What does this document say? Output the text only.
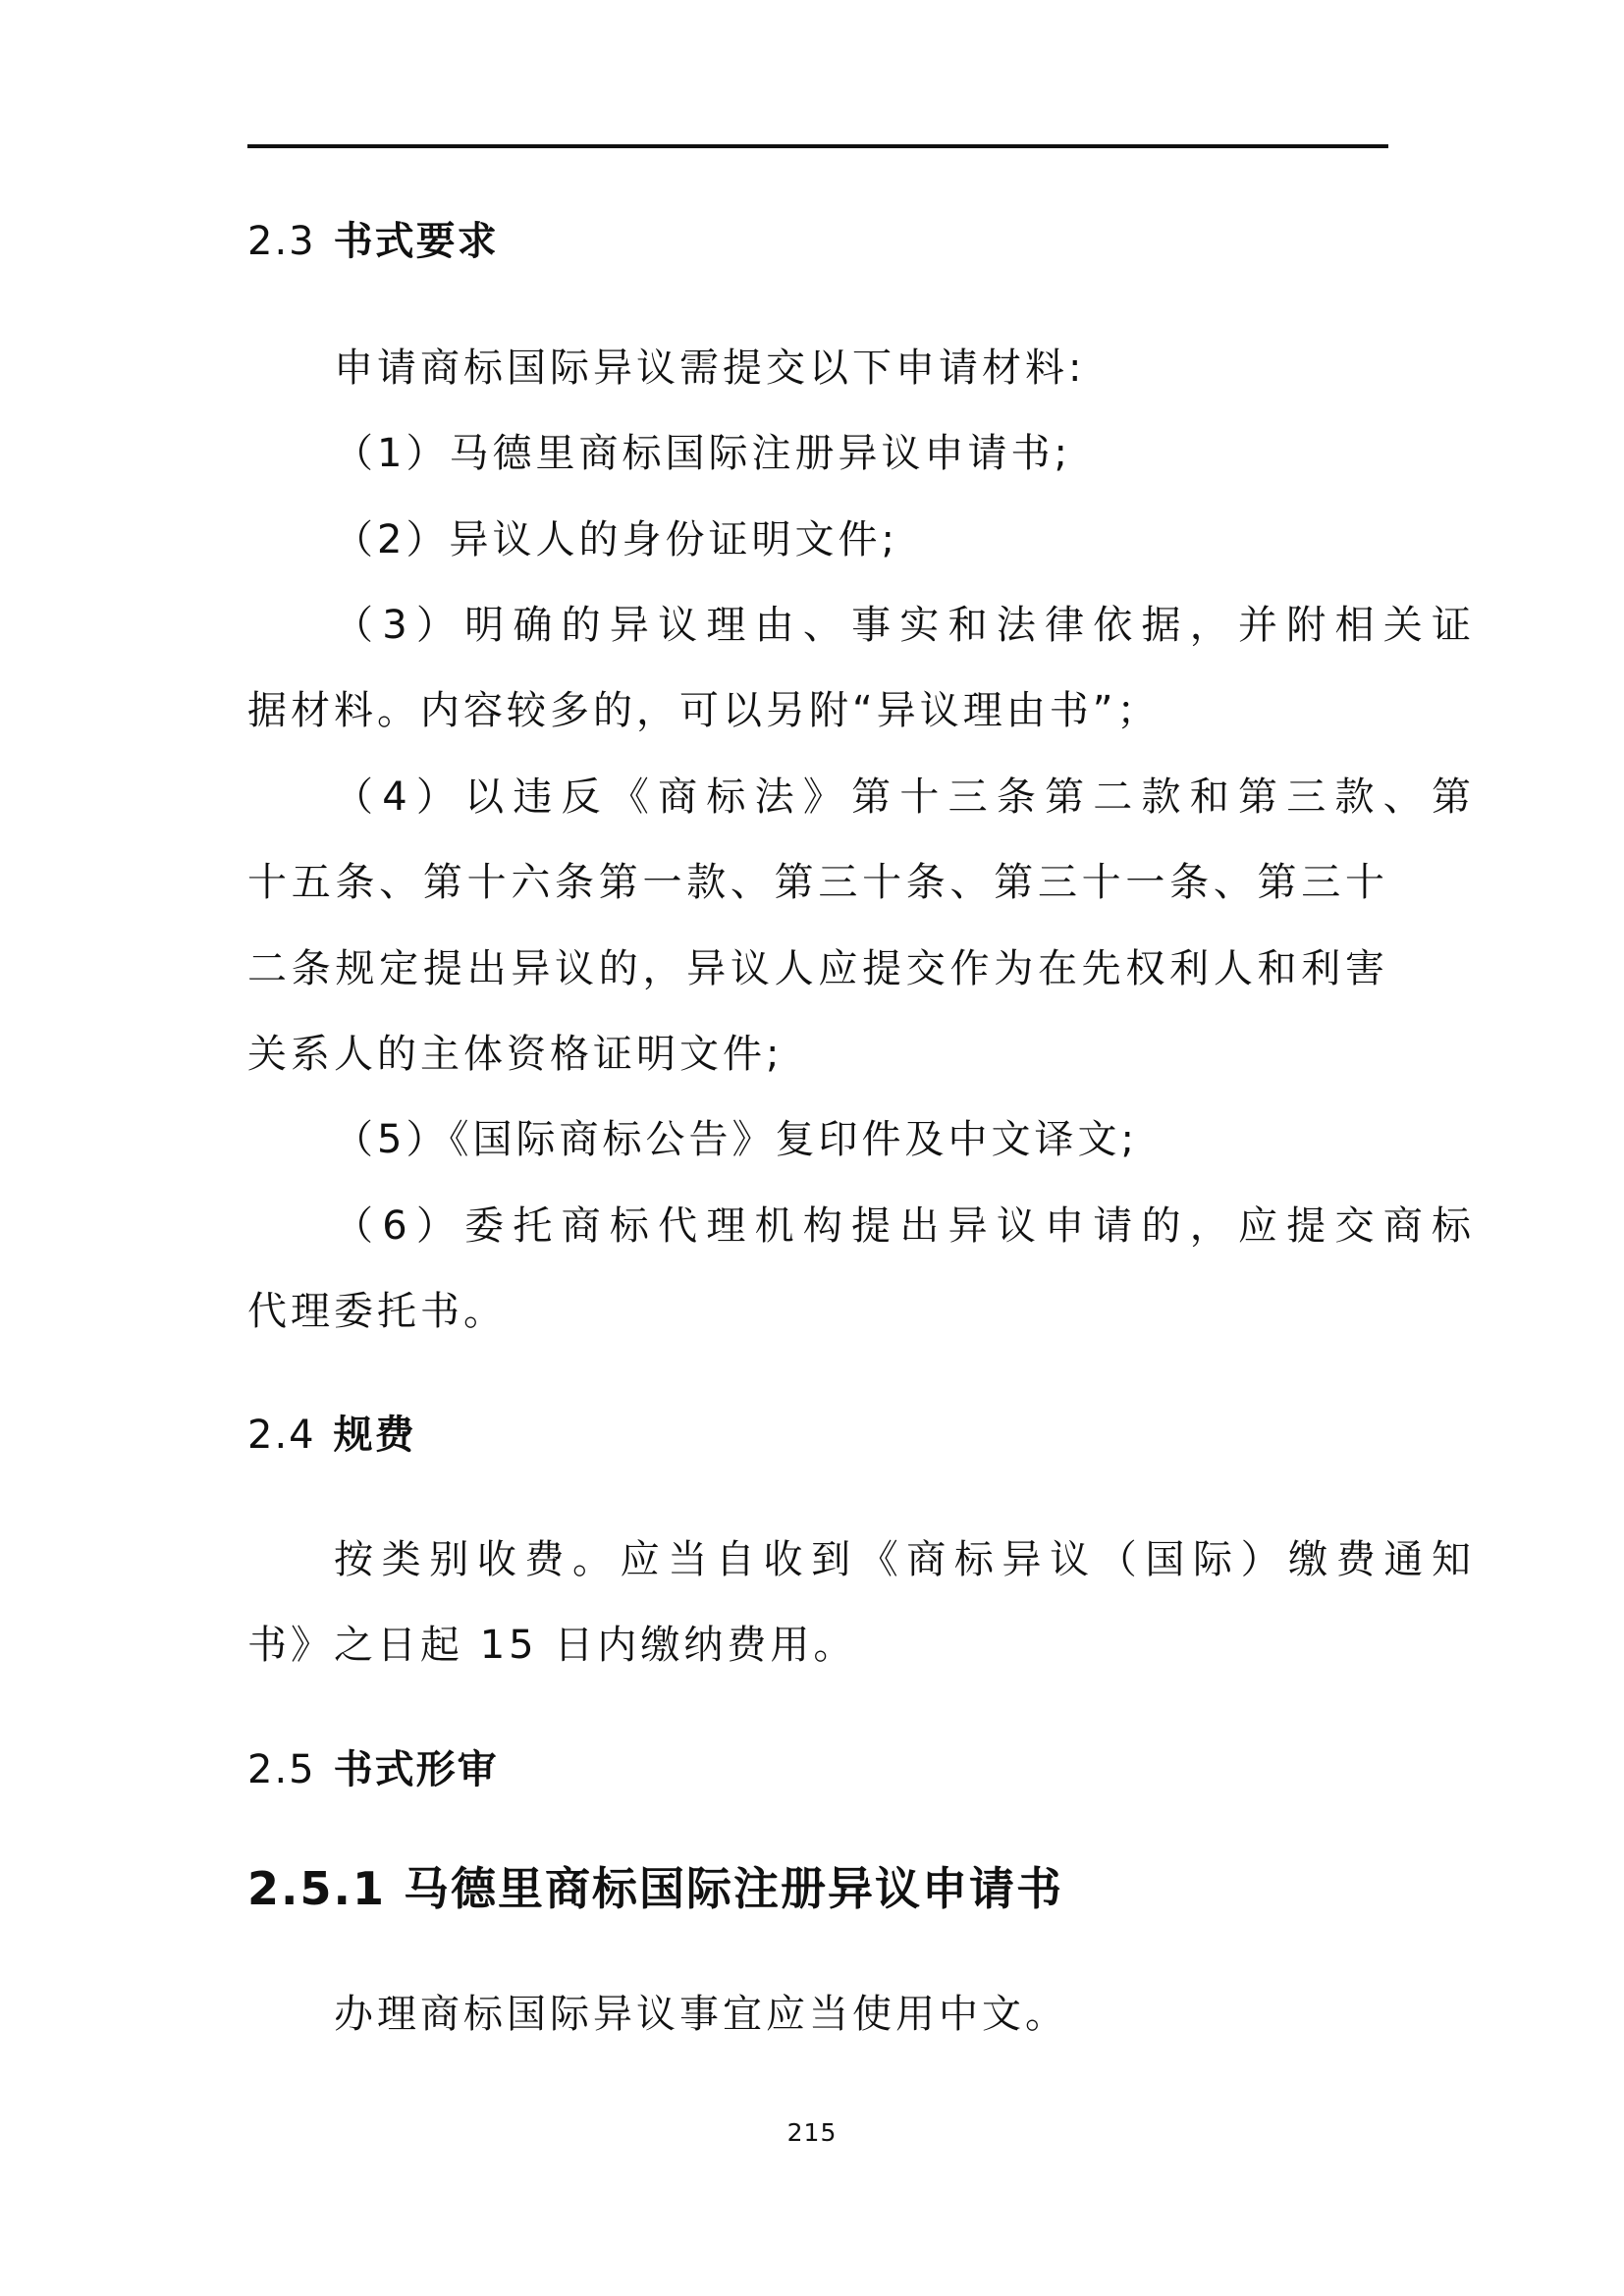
2.3 书式要求

申请商标国际异议需提交以下申请材料:

（1）马德里商标国际注册异议申请书;

（2）异议人的身份证明文件;

（3）明确的异议理由、事实和法律依据，并附相关证

据材料。内容较多的，可以另附“异议理由书”；

（4）以违反《商标法》第十三条第二款和第三款、第

十五条、第十六条第一款、第三十条、第三十一条、第三十

二条规定提出异议的，异议人应提交作为在先权利人和利害

关系人的主体资格证明文件;

（5）《国际商标公告》复印件及中文译文;

（6）委托商标代理机构提出异议申请的，应提交商标

代理委托书。

2.4 规费

按类别收费。应当自收到《商标异议（国际）缴费通知

书》之日起 15 日内缴纳费用。

2.5 书式形审
2.5.1 马德里商标国际注册异议申请书

办理商标国际异议事宜应当使用中文。

215
